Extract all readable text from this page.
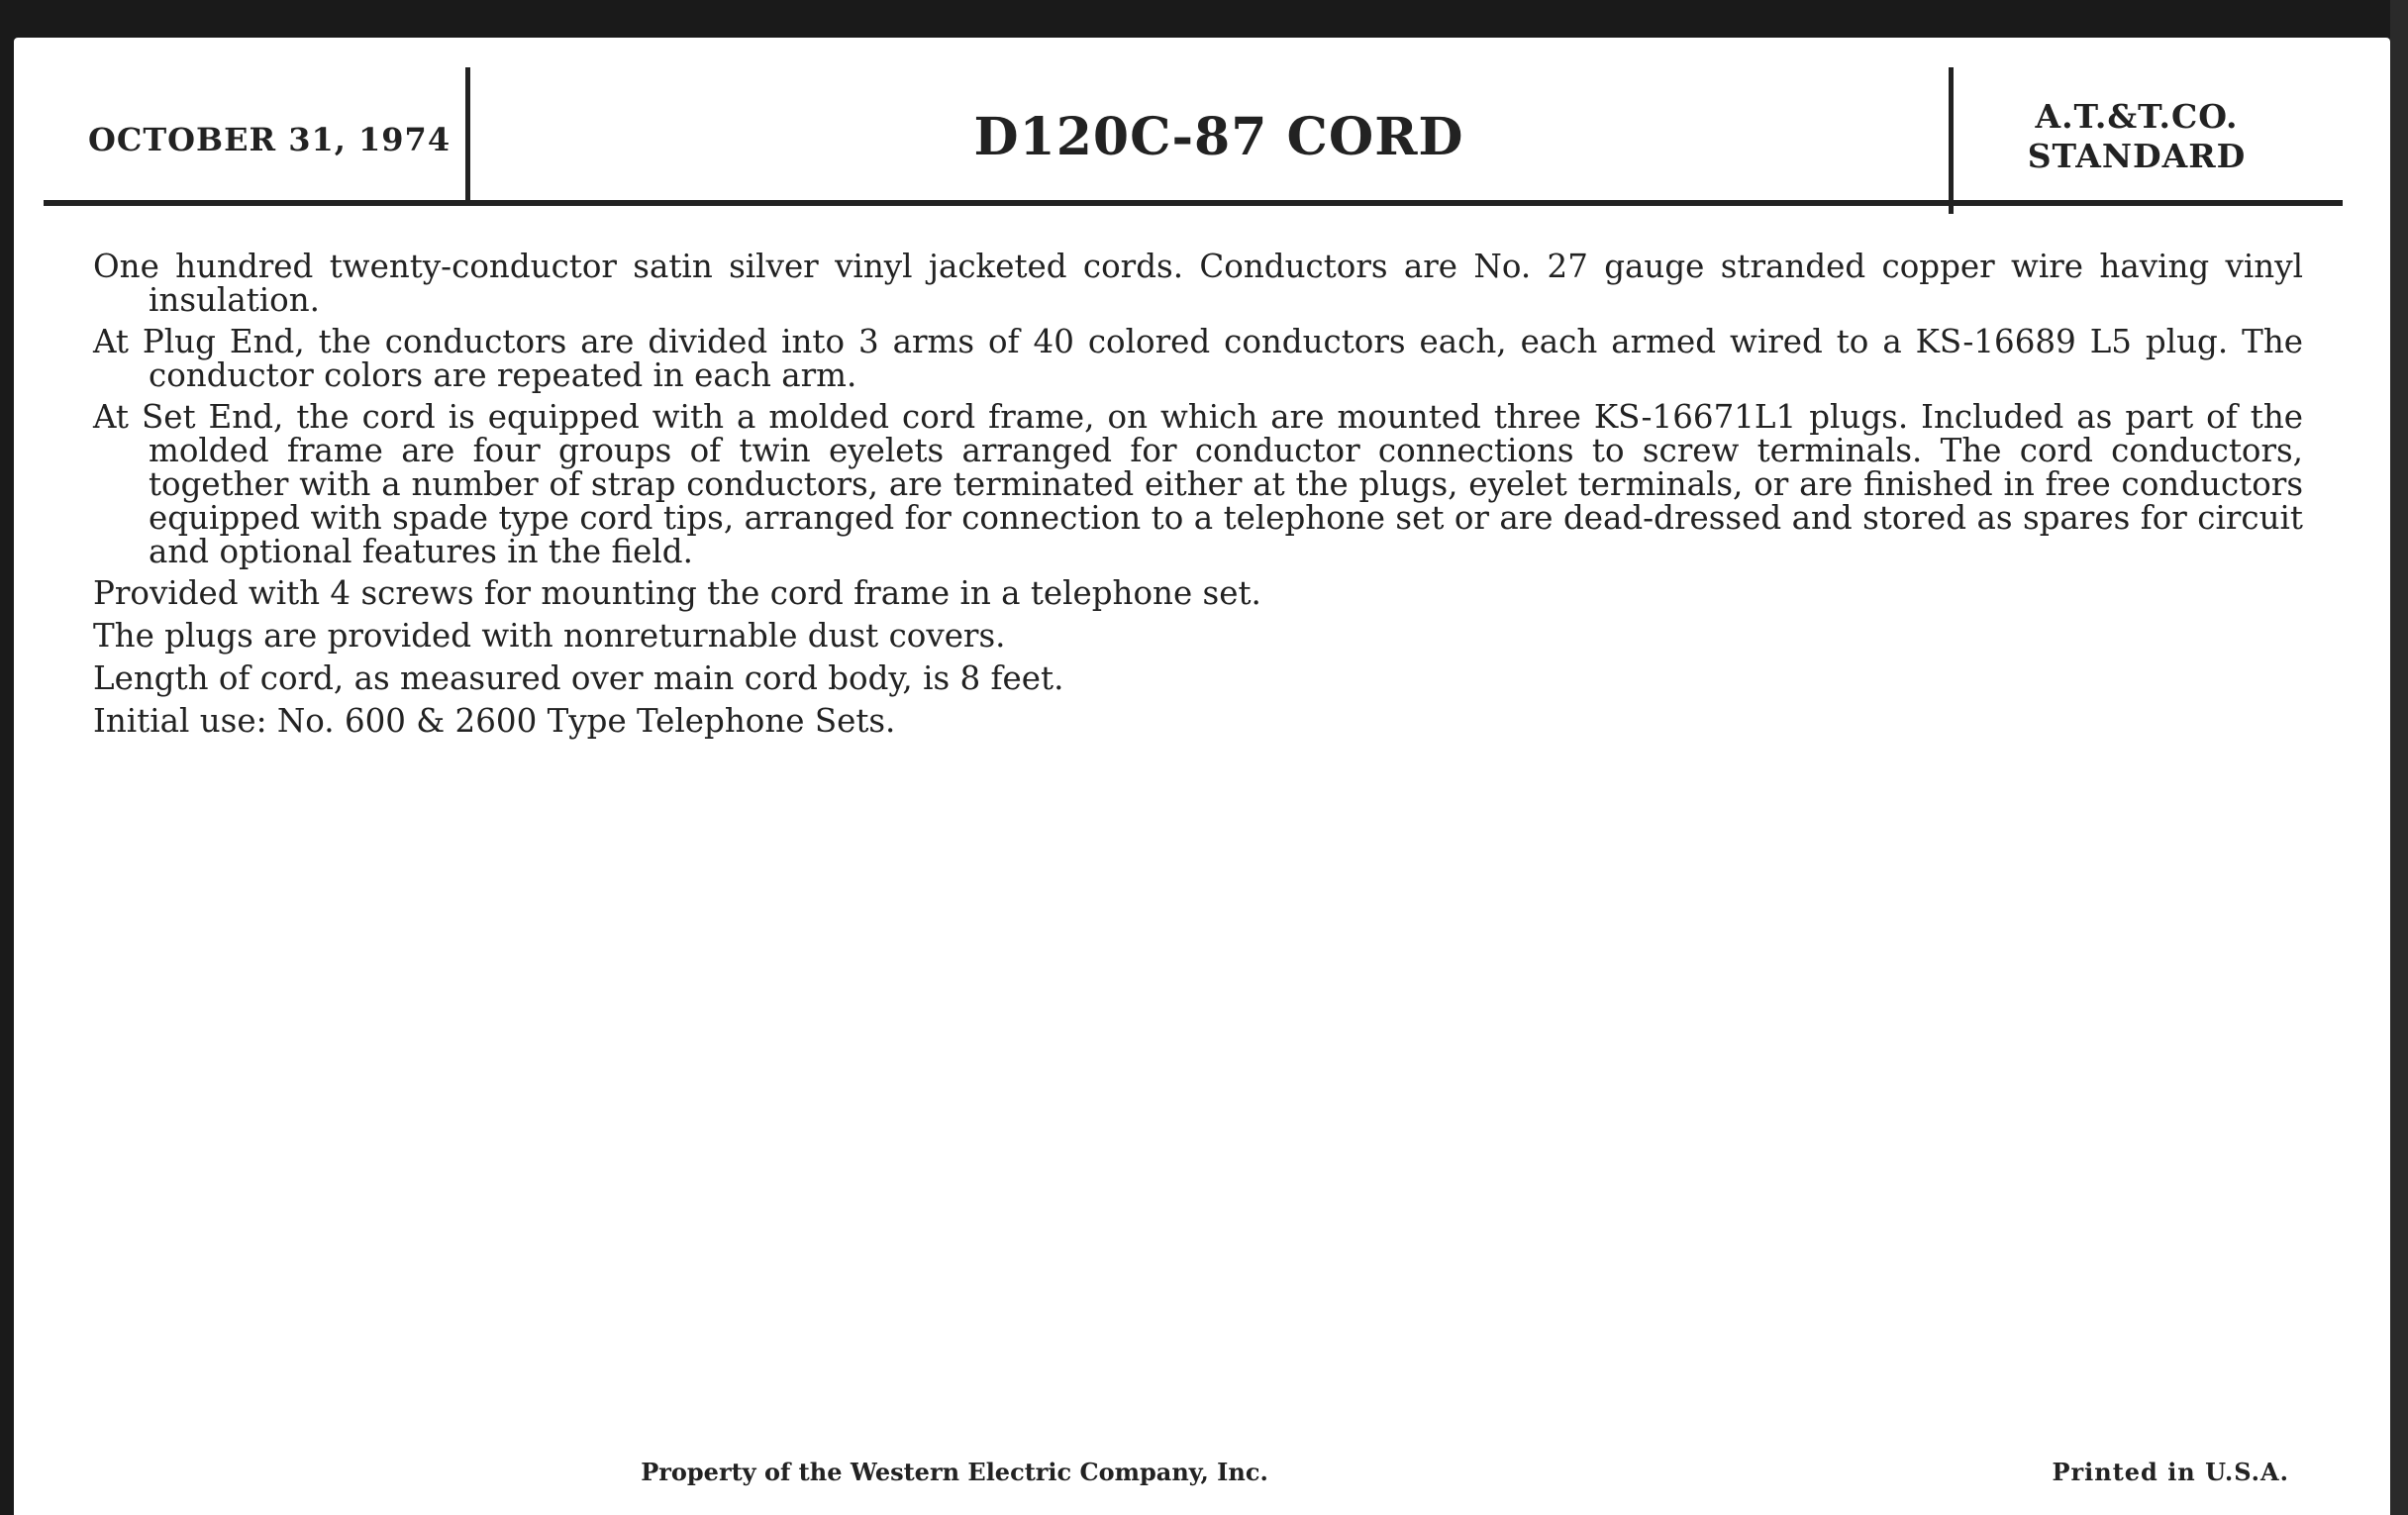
OCTOBER 31, 1974	D120C-87 CORD	A.T.&T.CO.
STANDARD

One hundred twenty-conductor satin silver vinyl jacketed cords. Conductors are No. 27 gauge stranded copper wire having vinyl insulation.

At Plug End, the conductors are divided into 3 arms of 40 colored conductors each, each armed wired to a KS-16689 L5 plug. The conductor colors are repeated in each arm.

At Set End, the cord is equipped with a molded cord frame, on which are mounted three KS-16671L1 plugs. Included as part of the molded frame are four groups of twin eyelets arranged for conductor connections to screw terminals. The cord conductors, together with a number of strap conductors, are terminated either at the plugs, eyelet terminals, or are finished in free conductors equipped with spade type cord tips, arranged for connection to a telephone set or are dead-dressed and stored as spares for circuit and optional features in the field.

Provided with 4 screws for mounting the cord frame in a telephone set.

The plugs are provided with nonreturnable dust covers.

Length of cord, as measured over main cord body, is 8 feet.

Initial use: No. 600 & 2600 Type Telephone Sets.

Property of the Western Electric Company, Inc.	Printed in U.S.A.
